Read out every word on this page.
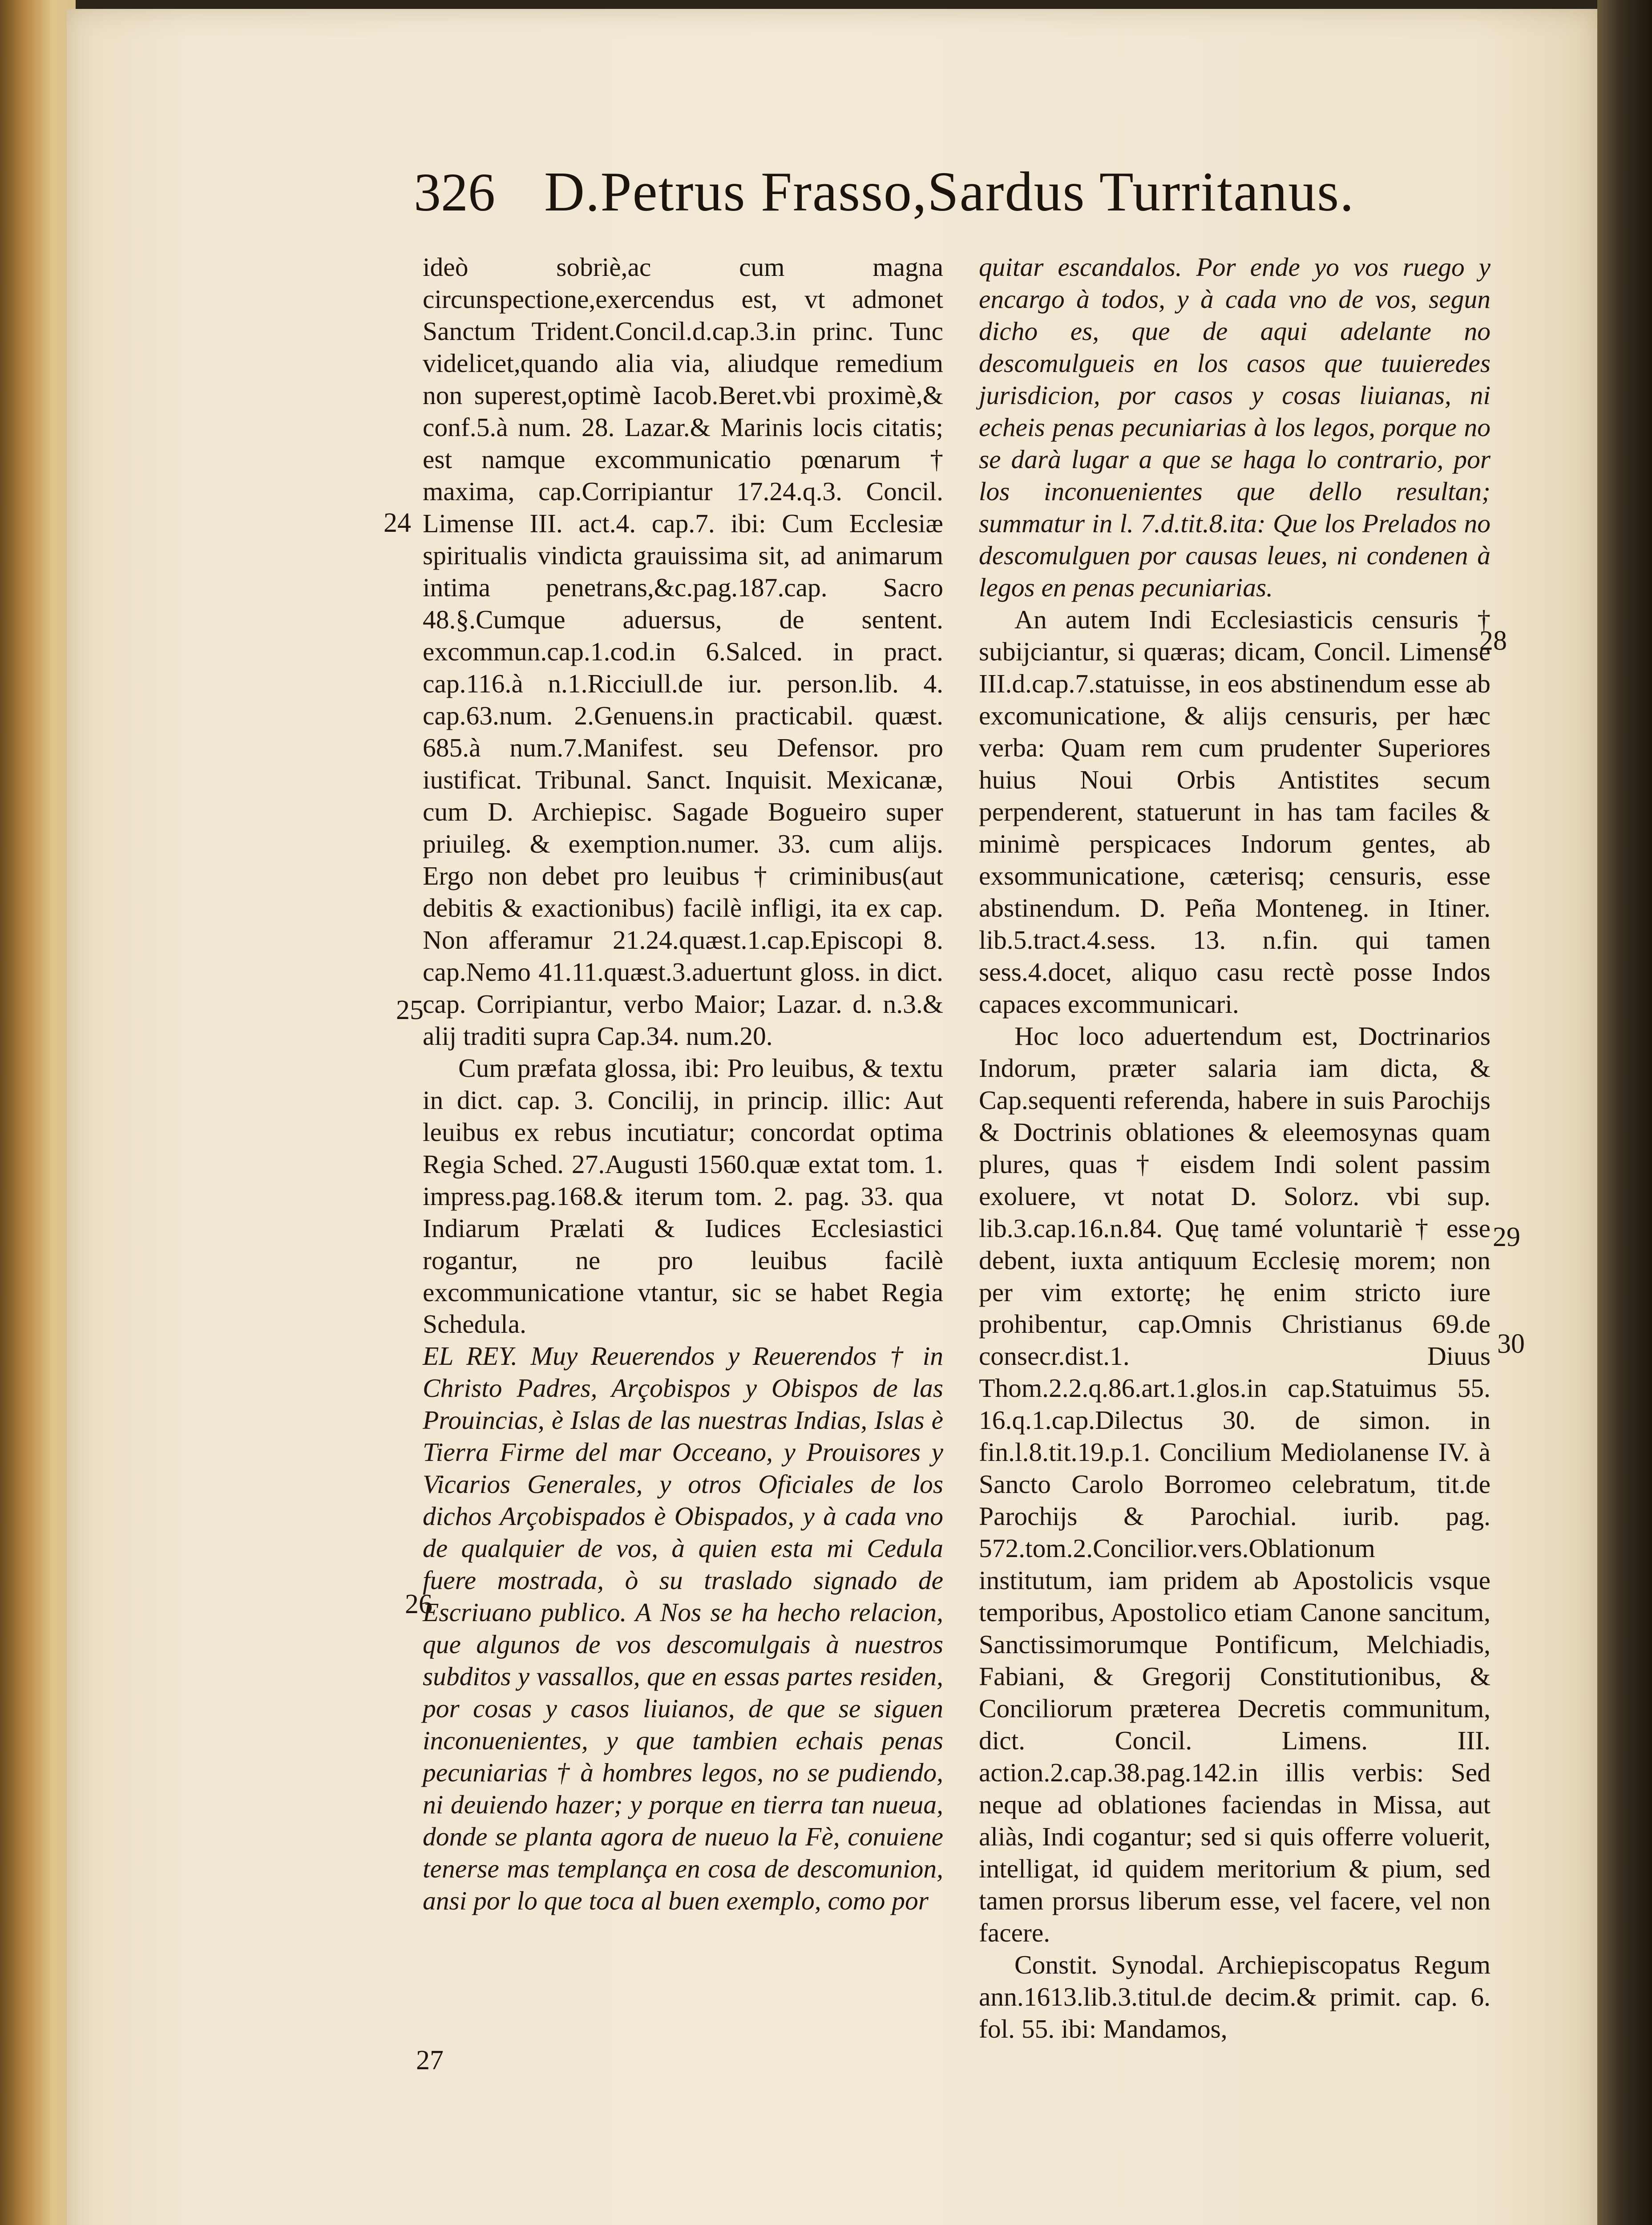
326 D.Petrus Frasso,Sardus Turritanus.

ideò sobriè,ac cum magna circunspectione,exercendus est, vt admonet Sanctum Trident.Concil.d.cap.3.in princ. Tunc videlicet,quando alia via, aliudque remedium non superest,optimè Iacob.Beret.vbi proximè,& conf.5.à num. 28. Lazar.& Marinis locis citatis; est namque excommunicatio pœnarum † maxima, cap.Corripiantur 17.24.q.3. Concil. Limense III. act.4. cap.7. ibi: Cum Ecclesiæ spiritualis vindicta grauissima sit, ad animarum intima penetrans,&c.pag.187.cap. Sacro 48.§.Cumque aduersus, de sentent. excommun.cap.1.cod.in 6.Salced. in pract. cap.116.à n.1.Ricciull.de iur. person.lib. 4. cap.63.num. 2.Genuens.in practicabil. quæst. 685.à num.7.Manifest. seu Defensor. pro iustificat. Tribunal. Sanct. Inquisit. Mexicanæ, cum D. Archiepisc. Sagade Bogueiro super priuileg. & exemption.numer. 33. cum alijs. Ergo non debet pro leuibus † criminibus(aut debitis & exactionibus) facilè infligi, ita ex cap. Non afferamur 21.24.quæst.1.cap.Episcopi 8. cap.Nemo 41.11.quæst.3.aduertunt gloss. in dict. cap. Corripiantur, verbo Maior; Lazar. d. n.3.& alij traditi supra Cap.34. num.20.

Cum præfata glossa, ibi: Pro leuibus, & textu in dict. cap. 3. Concilij, in princip. illic: Aut leuibus ex rebus incutiatur; concordat optima Regia Sched. 27.Augusti 1560.quæ extat tom. 1. impress.pag.168.& iterum tom. 2. pag. 33. qua Indiarum Prælati & Iudices Ecclesiastici rogantur, ne pro leuibus facilè excommunicatione vtantur, sic se habet Regia Schedula.

EL REY. Muy Reuerendos y Reuerendos † in Christo Padres, Arçobispos y Obispos de las Prouincias, è Islas de las nuestras Indias, Islas è Tierra Firme del mar Occeano, y Prouisores y Vicarios Generales, y otros Oficiales de los dichos Arçobispados è Obispados, y à cada vno de qualquier de vos, à quien esta mi Cedula fuere mostrada, ò su traslado signado de Escriuano publico. A Nos se ha hecho relacion, que algunos de vos descomulgais à nuestros subditos y vassallos, que en essas partes residen, por cosas y casos liuianos, de que se siguen inconuenientes, y que tambien echais penas pecuniarias † à hombres legos, no se pudiendo, ni deuiendo hazer; y porque en tierra tan nueua, donde se planta agora de nueuo la Fè, conuiene tenerse mas templança en cosa de descomunion, ansi por lo que toca al buen exemplo, como por

quitar escandalos. Por ende yo vos ruego y encargo à todos, y à cada vno de vos, segun dicho es, que de aqui adelante no descomulgueis en los casos que tuuieredes jurisdicion, por casos y cosas liuianas, ni echeis penas pecuniarias à los legos, porque no se darà lugar a que se haga lo contrario, por los inconuenientes que dello resultan; summatur in l. 7.d.tit.8.ita: Que los Prelados no descomulguen por causas leues, ni condenen à legos en penas pecuniarias.

An autem Indi Ecclesiasticis censuris † subijciantur, si quæras; dicam, Concil. Limense III.d.cap.7.statuisse, in eos abstinendum esse ab excomunicatione, & alijs censuris, per hæc verba: Quam rem cum prudenter Superiores huius Noui Orbis Antistites secum perpenderent, statuerunt in has tam faciles & minimè perspicaces Indorum gentes, ab exsommunicatione, cæterisq; censuris, esse abstinendum. D. Peña Monteneg. in Itiner. lib.5.tract.4.sess. 13. n.fin. qui tamen sess.4.docet, aliquo casu rectè posse Indos capaces excommunicari.

Hoc loco aduertendum est, Doctrinarios Indorum, præter salaria iam dicta, & Cap.sequenti referenda, habere in suis Parochijs & Doctrinis oblationes & eleemosynas quam plures, quas † eisdem Indi solent passim exoluere, vt notat D. Solorz. vbi sup. lib.3.cap.16.n.84. Quę tamé voluntariè † esse debent, iuxta antiquum Ecclesię morem; non per vim extortę; hę enim stricto iure prohibentur, cap.Omnis Christianus 69.de consecr.dist.1. Diuus Thom.2.2.q.86.art.1.glos.in cap.Statuimus 55. 16.q.1.cap.Dilectus 30. de simon. in fin.l.8.tit.19.p.1. Concilium Mediolanense IV. à Sancto Carolo Borromeo celebratum, tit.de Parochijs & Parochial. iurib. pag. 572.tom.2.Concilior.vers.Oblationum institutum, iam pridem ab Apostolicis vsque temporibus, Apostolico etiam Canone sancitum, Sanctissimorumque Pontificum, Melchiadis, Fabiani, & Gregorij Constitutionibus, & Conciliorum præterea Decretis communitum, dict. Concil. Limens. III. action.2.cap.38.pag.142.in illis verbis: Sed neque ad oblationes faciendas in Missa, aut aliàs, Indi cogantur; sed si quis offerre voluerit, intelligat, id quidem meritorium & pium, sed tamen prorsus liberum esse, vel facere, vel non facere.

Constit. Synodal. Archiepiscopatus Regum ann.1613.lib.3.titul.de decim.& primit. cap. 6. fol. 55. ibi: Mandamos,

24
25
26
27
28
29
30
